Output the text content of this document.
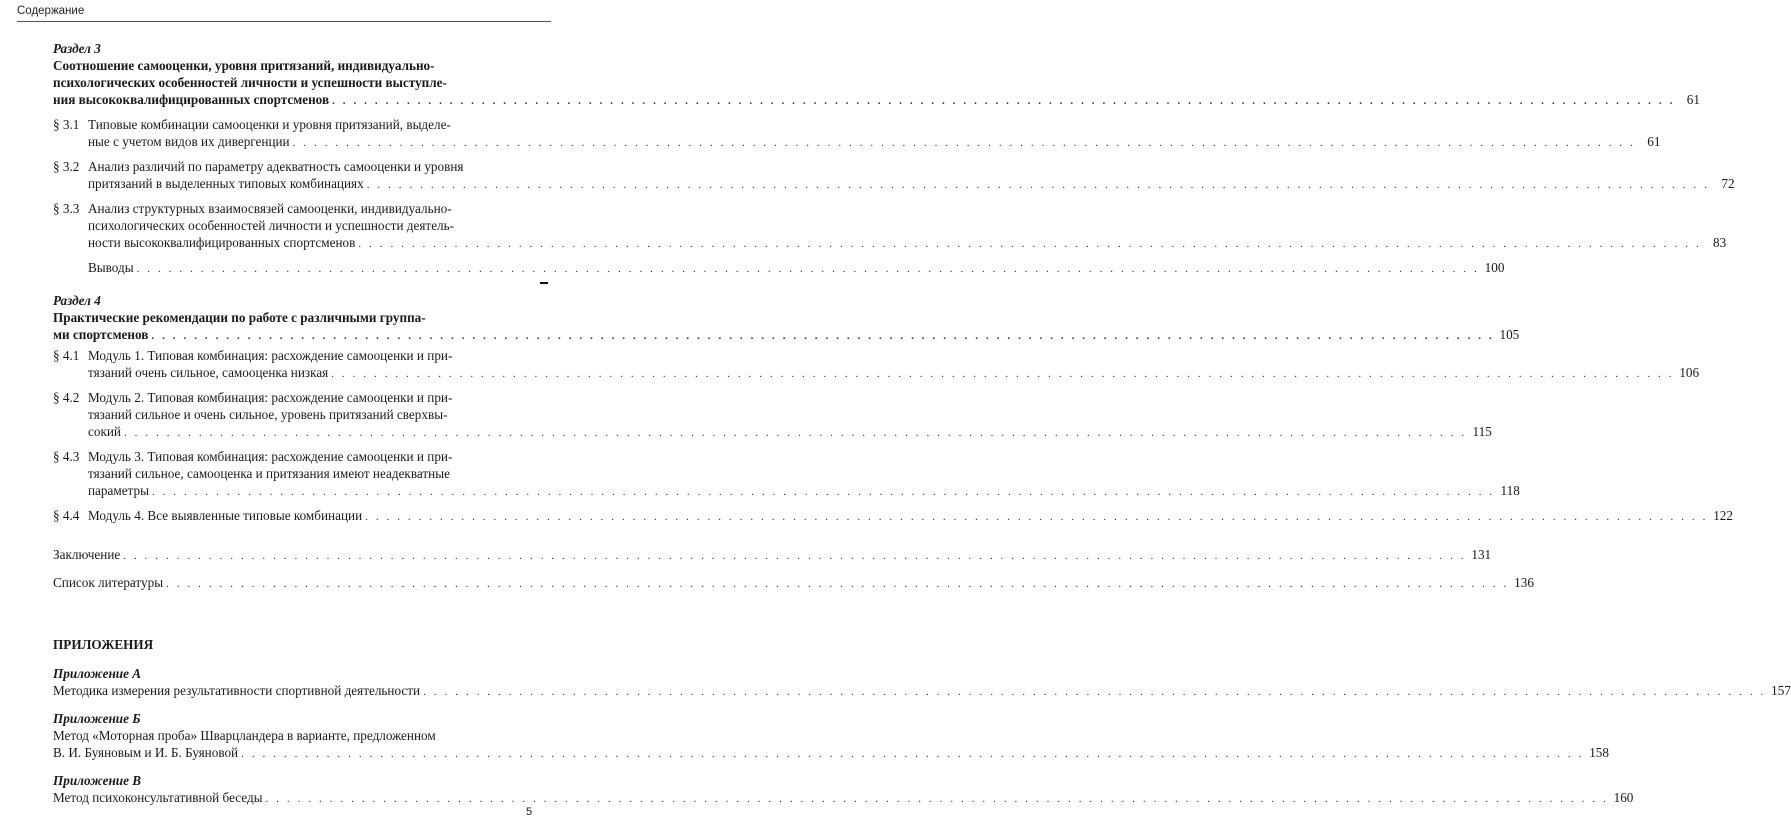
Содержание
Раздел 3
Соотношение самооценки, уровня притязаний, индивидуально-
психологических особенностей личности и успешности выступле-
ния высококвалифицированных спортсменов . . .	61
§ 3.1 Типовые комбинации самооценки и уровня притязаний, выделе-
ные с учетом видов их дивергенции . . .	61
§ 3.2 Анализ различий по параметру адекватность самооценки и уровня
притязаний в выделенных типовых комбинациях . . .	72
§ 3.3 Анализ структурных взаимосвязей самооценки, индивидуально-
психологических особенностей личности и успешности деятель-
ности высококвалифицированных спортсменов . . .	83
Выводы . . .	100
Раздел 4
Практические рекомендации по работе с различными группа-
ми спортсменов . . .	105
§ 4.1 Модуль 1. Типовая комбинация: расхождение самооценки и при-
тязаний очень сильное, самооценка низкая . . .	106
§ 4.2 Модуль 2. Типовая комбинация: расхождение самооценки и при-
тязаний сильное и очень сильное, уровень притязаний сверхвы-
сокий . . .	115
§ 4.3 Модуль 3. Типовая комбинация: расхождение самооценки и при-
тязаний сильное, самооценка и притязания имеют неадекватные
параметры . . .	118
§ 4.4 Модуль 4. Все выявленные типовые комбинации . . .	122
Заключение . . .	131
Список литературы . . .	136
ПРИЛОЖЕНИЯ
Приложение А
Методика измерения результативности спортивной деятельности . . .	157
Приложение Б
Метод «Моторная проба» Шварцландера в варианте, предложенном
В. И. Буяновым и И. Б. Буяновой . . .	158
Приложение В
Метод психоконсультативной беседы . . .	160
5
